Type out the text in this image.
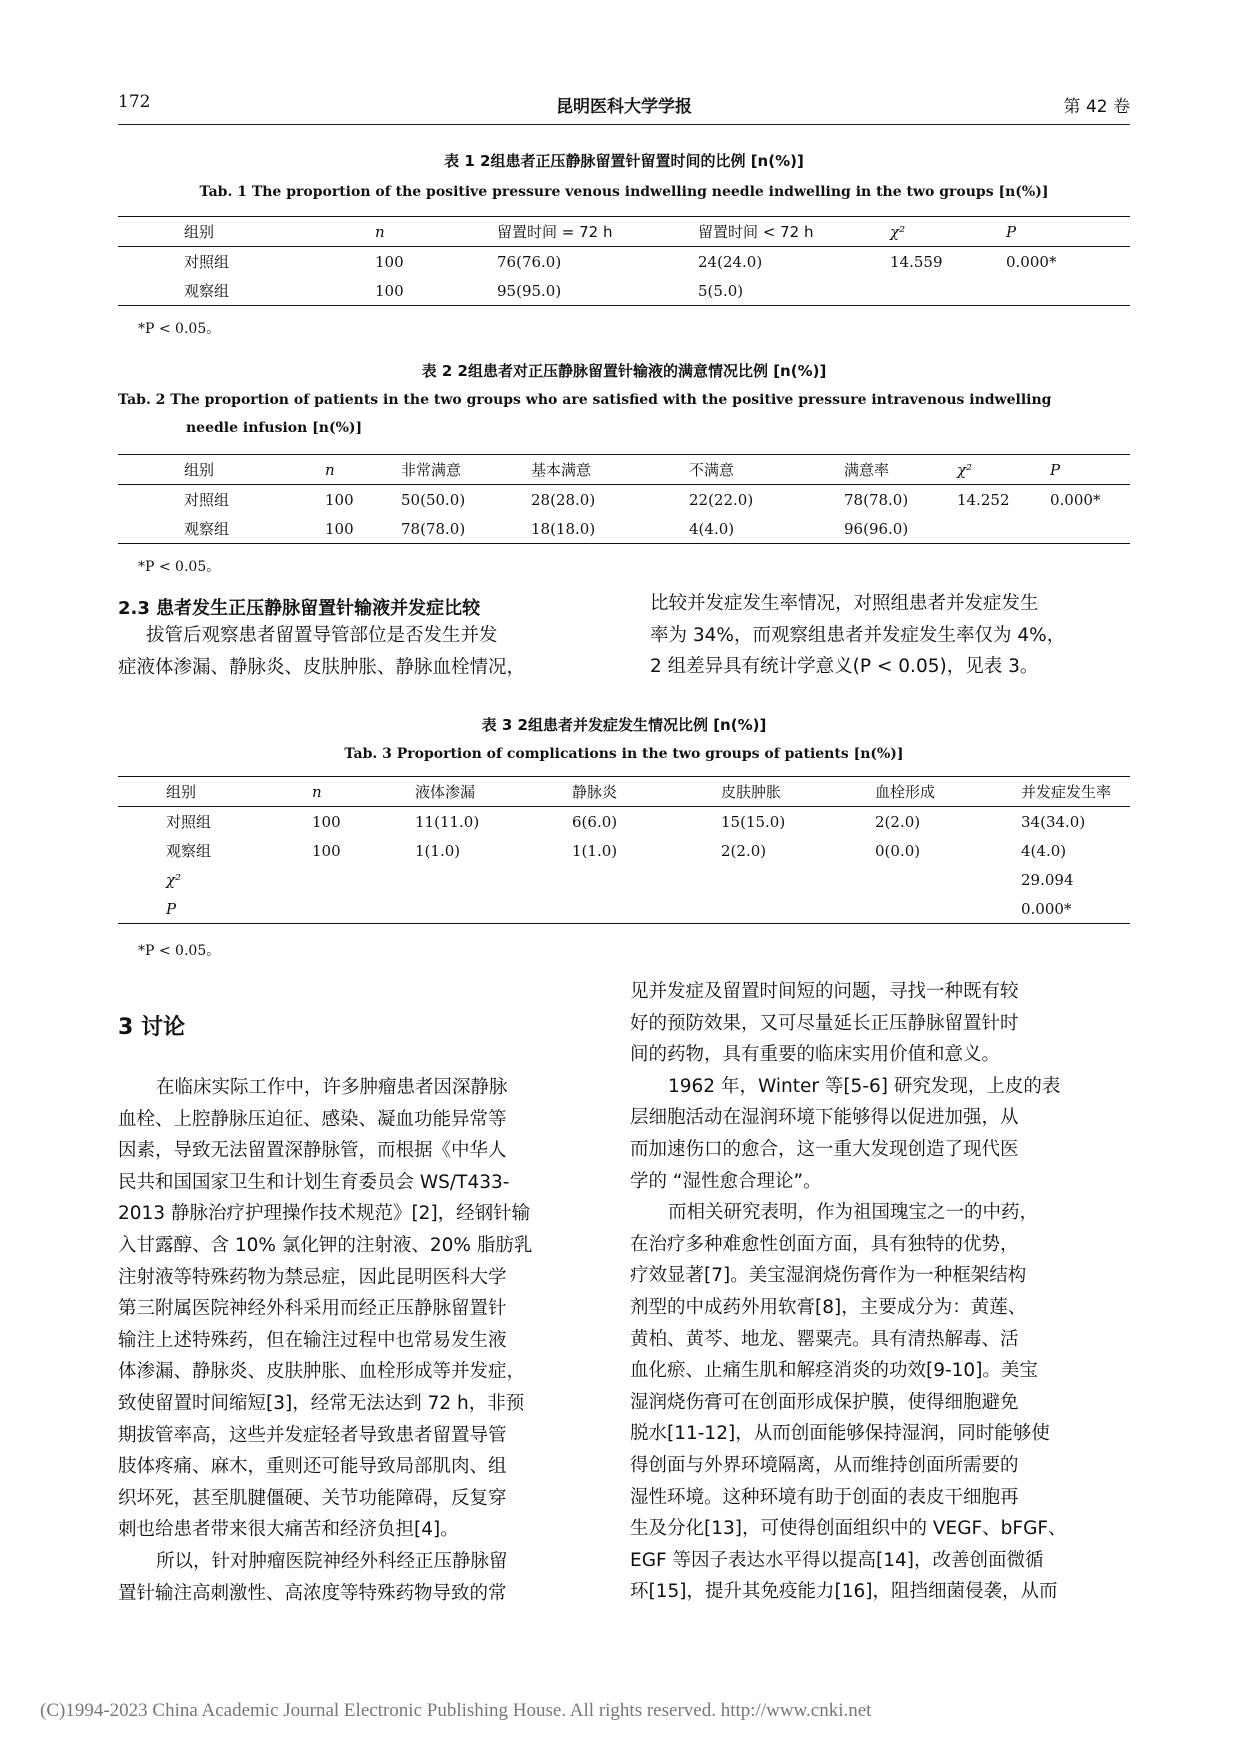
172	昆明医科大学学报	第 42 卷
表 1 2组患者正压静脉留置针留置时间的比例 [n(%)]
Tab. 1 The proportion of the positive pressure venous indwelling needle indwelling in the two groups [n(%)]
	组别	n	留置时间 = 72 h	留置时间 < 72 h	χ²	P
	对照组	100	76(76.0)	24(24.0)	14.559	0.000*
	观察组	100	95(95.0)	5(5.0)		
*P < 0.05。
表 2 2组患者对正压静脉留置针输液的满意情况比例 [n(%)]
Tab. 2 The proportion of patients in the two groups who are satisfied with the positive pressure intravenous indwelling
needle infusion [n(%)]
	组别	n	非常满意	基本满意	不满意	满意率	χ²	P
	对照组	100	50(50.0)	28(28.0)	22(22.0)	78(78.0)	14.252	0.000*
	观察组	100	78(78.0)	18(18.0)	4(4.0)	96(96.0)		
*P < 0.05。
2.3 患者发生正压静脉留置针输液并发症比较
拔管后观察患者留置导管部位是否发生并发
症液体渗漏、静脉炎、皮肤肿胀、静脉血栓情况，
比较并发症发生率情况，对照组患者并发症发生
率为 34%，而观察组患者并发症发生率仅为 4%，
2 组差异具有统计学意义(P < 0.05)，见表 3。
表 3 2组患者并发症发生情况比例 [n(%)]
Tab. 3 Proportion of complications in the two groups of patients [n(%)]
	组别	n	液体渗漏	静脉炎	皮肤肿胀	血栓形成	并发症发生率
	对照组	100	11(11.0)	6(6.0)	15(15.0)	2(2.0)	34(34.0)
	观察组	100	1(1.0)	1(1.0)	2(2.0)	0(0.0)	4(4.0)
	χ²						29.094
	P						0.000*
*P < 0.05。
3 讨论
在临床实际工作中，许多肿瘤患者因深静脉
血栓、上腔静脉压迫征、感染、凝血功能异常等
因素，导致无法留置深静脉管，而根据《中华人
民共和国国家卫生和计划生育委员会 WS/T433-
2013 静脉治疗护理操作技术规范》[2]，经钢针输
入甘露醇、含 10% 氯化钾的注射液、20% 脂肪乳
注射液等特殊药物为禁忌症，因此昆明医科大学
第三附属医院神经外科采用而经正压静脉留置针
输注上述特殊药，但在输注过程中也常易发生液
体渗漏、静脉炎、皮肤肿胀、血栓形成等并发症，
致使留置时间缩短[3]，经常无法达到 72 h，非预
期拔管率高，这些并发症轻者导致患者留置导管
肢体疼痛、麻木，重则还可能导致局部肌肉、组
织坏死，甚至肌腱僵硬、关节功能障碍，反复穿
刺也给患者带来很大痛苦和经济负担[4]。
所以，针对肿瘤医院神经外科经正压静脉留
置针输注高刺激性、高浓度等特殊药物导致的常
见并发症及留置时间短的问题，寻找一种既有较
好的预防效果，又可尽量延长正压静脉留置针时
间的药物，具有重要的临床实用价值和意义。
1962 年，Winter 等[5-6] 研究发现，上皮的表
层细胞活动在湿润环境下能够得以促进加强，从
而加速伤口的愈合，这一重大发现创造了现代医
学的 “湿性愈合理论”。
而相关研究表明，作为祖国瑰宝之一的中药，
在治疗多种难愈性创面方面，具有独特的优势，
疗效显著[7]。美宝湿润烧伤膏作为一种框架结构
剂型的中成药外用软膏[8]，主要成分为：黄莲、
黄柏、黄芩、地龙、罂粟壳。具有清热解毒、活
血化瘀、止痛生肌和解痉消炎的功效[9-10]。美宝
湿润烧伤膏可在创面形成保护膜，使得细胞避免
脱水[11-12]，从而创面能够保持湿润，同时能够使
得创面与外界环境隔离，从而维持创面所需要的
湿性环境。这种环境有助于创面的表皮干细胞再
生及分化[13]，可使得创面组织中的 VEGF、bFGF、
EGF 等因子表达水平得以提高[14]，改善创面微循
环[15]，提升其免疫能力[16]，阻挡细菌侵袭，从而
(C)1994-2023 China Academic Journal Electronic Publishing House. All rights reserved. http://www.cnki.net
